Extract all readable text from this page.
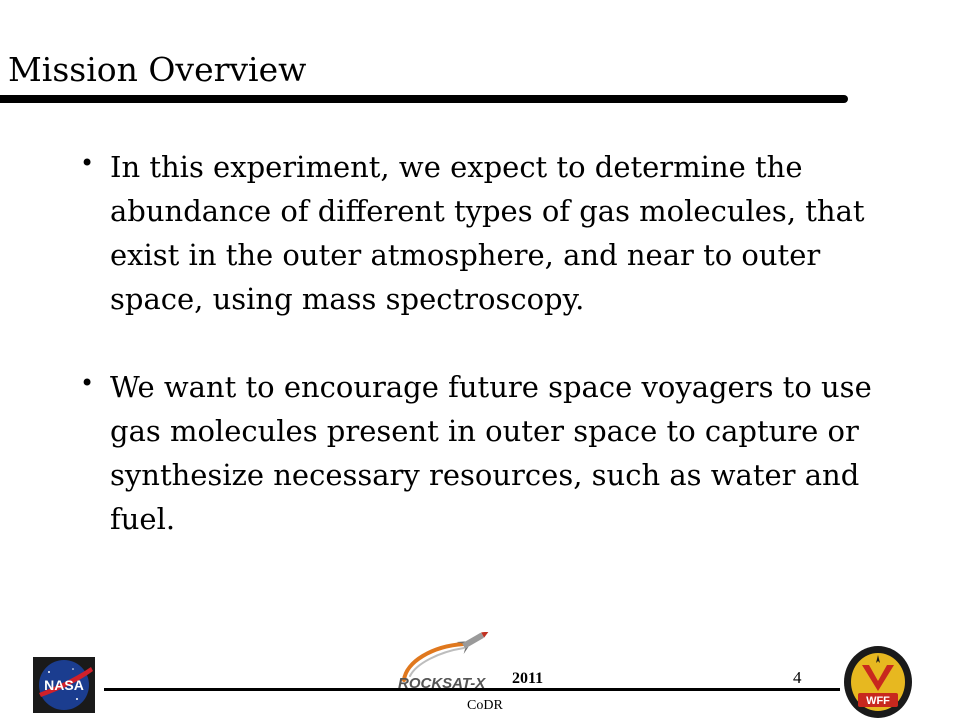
Mission Overview
• In this experiment, we expect to determine the abundance of different types of gas molecules, that exist in the outer atmosphere, and near to outer space, using mass spectroscopy.
• We want to encourage future space voyagers to use gas molecules present in outer space to capture or synthesize necessary resources, such as water and fuel.
NASA	ROCKSAT-X 2011	4
CoDR	WFF
